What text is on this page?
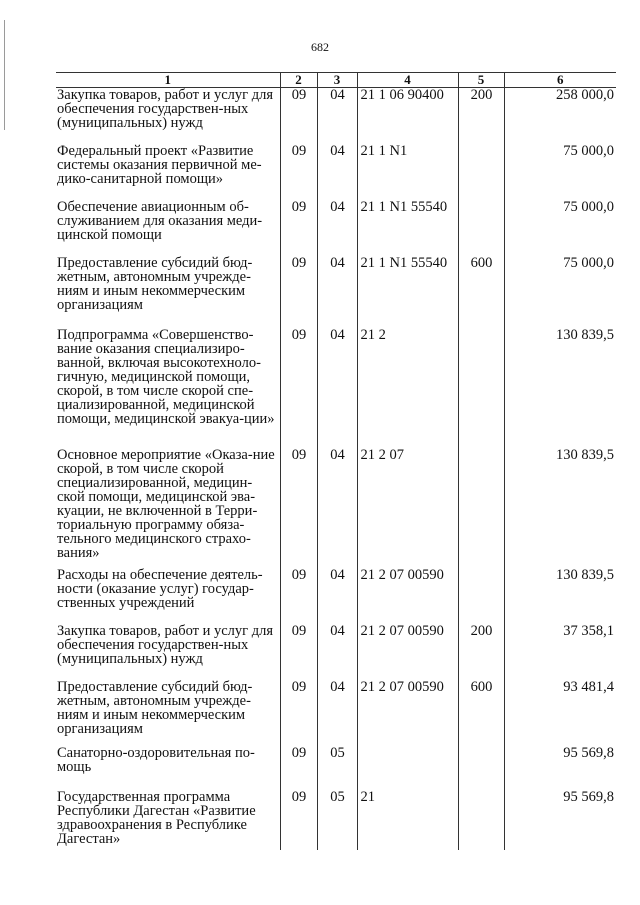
682
1	2	3	4	5	6
Закупка товаров, работ и услуг для обеспечения государствен-ных (муниципальных) нужд	09	04	21 1 06 90400	200	258 000,0
Федеральный проект «Развитие системы оказания первичной ме-дико-санитарной помощи»	09	04	21 1 N1		75 000,0
Обеспечение авиационным об-служиванием для оказания меди-цинской помощи	09	04	21 1 N1 55540		75 000,0
Предоставление субсидий бюд-жетным, автономным учрежде-ниям и иным некоммерческим организациям	09	04	21 1 N1 55540	600	75 000,0
Подпрограмма «Совершенство-вание оказания специализиро-ванной, включая высокотехноло-гичную, медицинской помощи, скорой, в том числе скорой спе-циализированной, медицинской помощи, медицинской эвакуа-ции»	09	04	21 2		130 839,5
Основное мероприятие «Оказа-ние скорой, в том числе скорой специализированной, медицин-ской помощи, медицинской эва-куации, не включенной в Терри-ториальную программу обяза-тельного медицинского страхо-вания»	09	04	21 2 07		130 839,5
Расходы на обеспечение деятель-ности (оказание услуг) государ-ственных учреждений	09	04	21 2 07 00590		130 839,5
Закупка товаров, работ и услуг для обеспечения государствен-ных (муниципальных) нужд	09	04	21 2 07 00590	200	37 358,1
Предоставление субсидий бюд-жетным, автономным учрежде-ниям и иным некоммерческим организациям	09	04	21 2 07 00590	600	93 481,4
Санаторно-оздоровительная по-мощь	09	05			95 569,8
Государственная программа Республики Дагестан «Развитие здравоохранения в Республике Дагестан»	09	05	21		95 569,8
